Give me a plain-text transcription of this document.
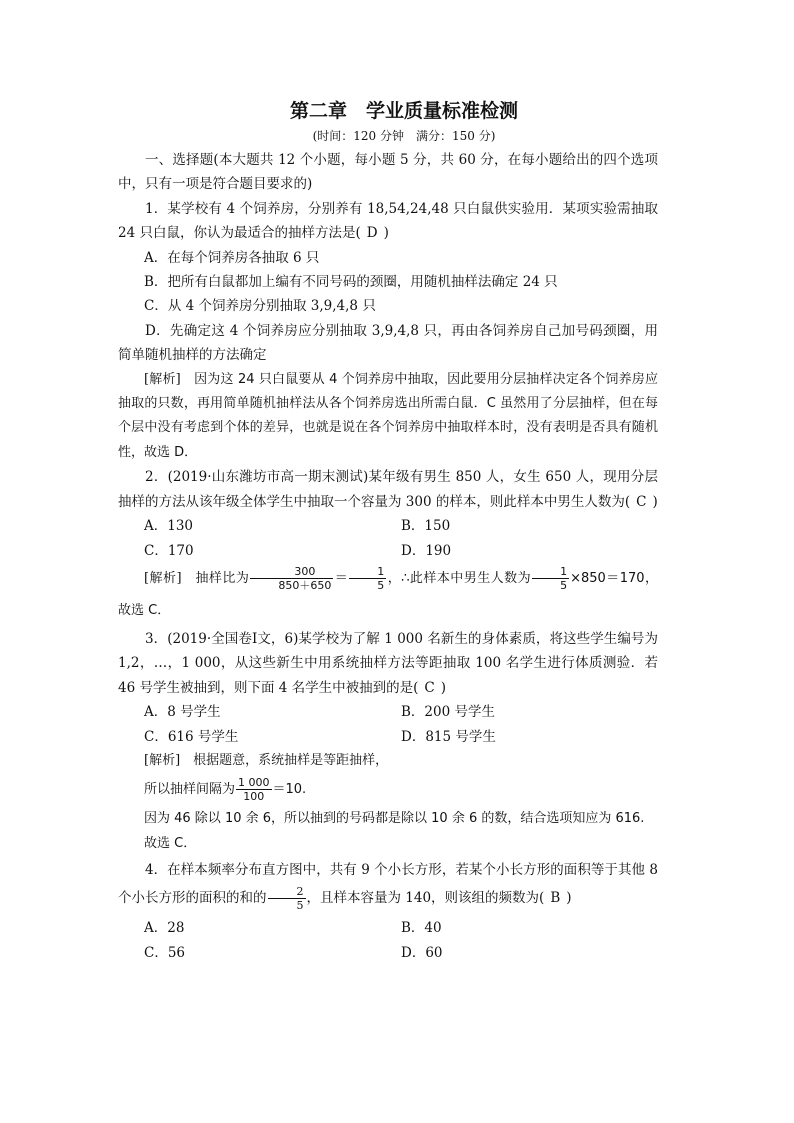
第二章　学业质量标准检测
(时间：120 分钟　满分：150 分)

一、选择题(本大题共 12 个小题，每小题 5 分，共 60 分，在每小题给出的四个选项中，只有一项是符合题目要求的)

1．某学校有 4 个饲养房，分别养有 18,54,24,48 只白鼠供实验用．某项实验需抽取 24 只白鼠，你认为最适合的抽样方法是( D )

A．在每个饲养房各抽取 6 只

B．把所有白鼠都加上编有不同号码的颈圈，用随机抽样法确定 24 只

C．从 4 个饲养房分别抽取 3,9,4,8 只

D．先确定这 4 个饲养房应分别抽取 3,9,4,8 只，再由各饲养房自己加号码颈圈，用简单随机抽样的方法确定

[解析]　 因为这 24 只白鼠要从 4 个饲养房中抽取，因此要用分层抽样决定各个饲养房应抽取的只数，再用简单随机抽样法从各个饲养房选出所需白鼠．C 虽然用了分层抽样，但在每个层中没有考虑到个体的差异，也就是说在各个饲养房中抽取样本时，没有表明是否具有随机性，故选 D．

2．(2019·山东潍坊市高一期末测试)某年级有男生 850 人，女生 650 人，现用分层抽样的方法从该年级全体学生中抽取一个容量为 300 的样本，则此样本中男生人数为( C )

A．130	B．150
C．170	D．190

[解析]　 抽样比为 $\frac{300}{850+650} = \frac{1}{5}$ ，∴此样本中男生人数为 $\frac{1}{5} \times 850=170$，故选 C．

3．(2019·全国卷Ⅰ文，6)某学校为了解 1 000 名新生的身体素质，将这些学生编号为 1,2，…，1 000，从这些新生中用系统抽样方法等距抽取 100 名学生进行体质测验．若 46 号学生被抽到，则下面 4 名学生中被抽到的是( C )

A．8 号学生	B．200 号学生
C．616 号学生	D．815 号学生

[解析]　 根据题意，系统抽样是等距抽样，

所以抽样间隔为 $\frac{1 000}{100} =10$.

因为 46 除以 10 余 6，所以抽到的号码都是除以 10 余 6 的数，结合选项知应为 616.

故选 C．

4．在样本频率分布直方图中，共有 9 个小长方形，若某个小长方形的面积等于其他 8 个小长方形的面积的和的 $\frac{2}{5}$ ，且样本容量为 140，则该组的频数为( B )

A．28	B．40
C．56	D．60
